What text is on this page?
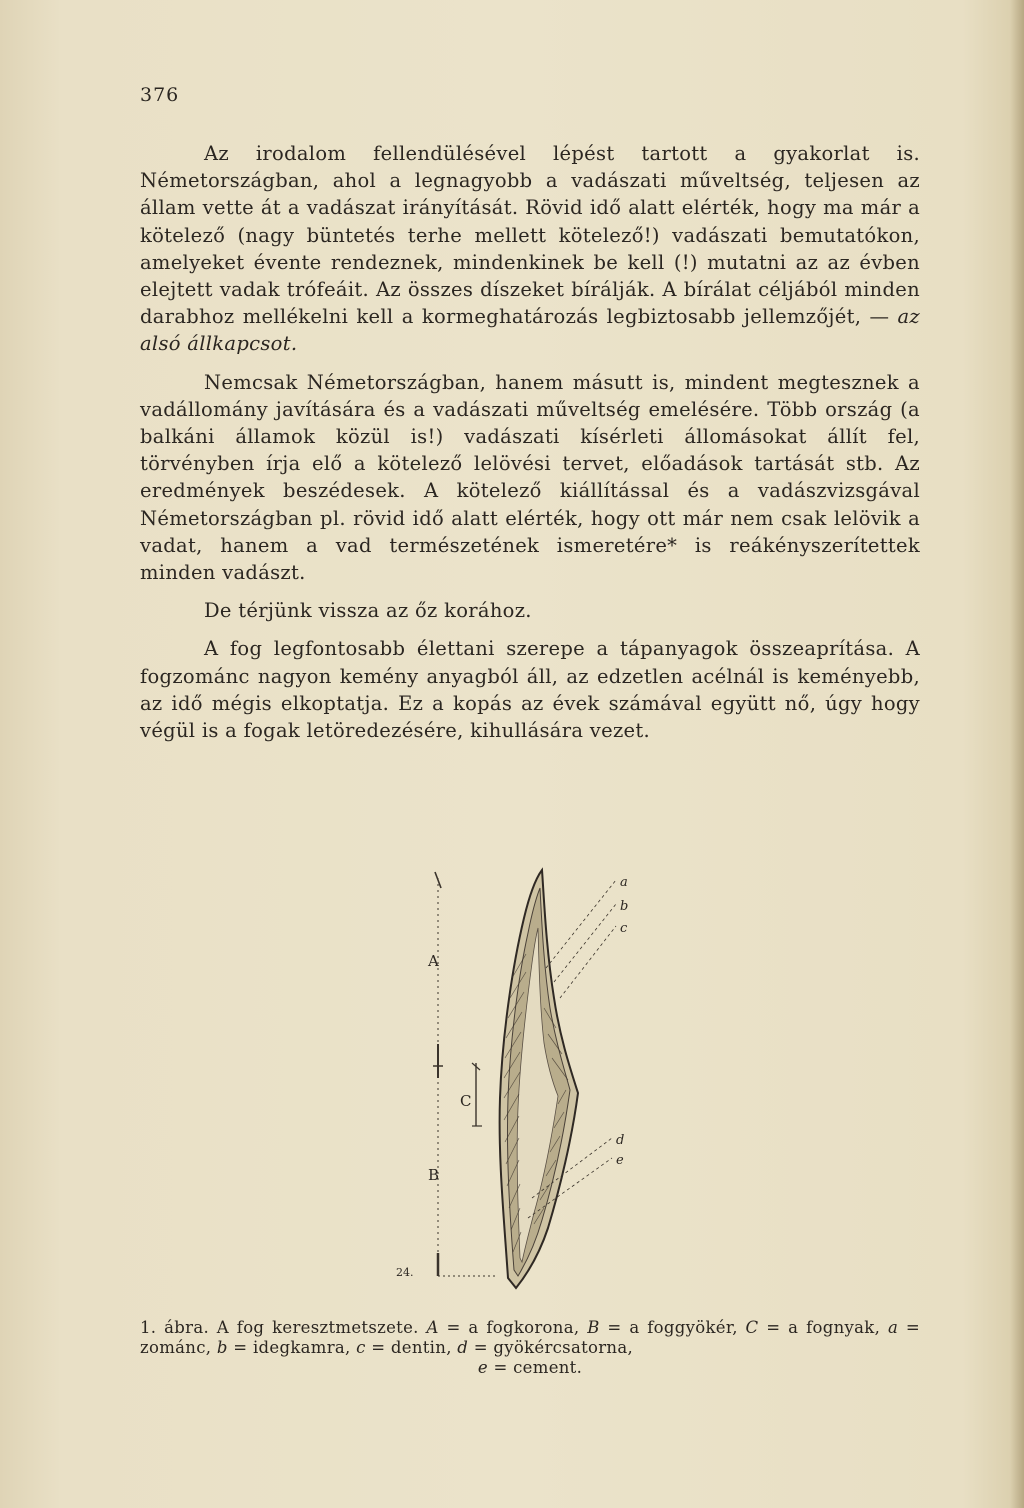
376

Az irodalom fellendülésével lépést tartott a gyakorlat is. Németországban, ahol a legnagyobb a vadászati műveltség, teljesen az állam vette át a vadászat irányítását. Rövid idő alatt elérték, hogy ma már a kötelező (nagy büntetés terhe mellett kötelező!) vadászati bemutatókon, amelyeket évente rendeznek, mindenkinek be kell (!) mutatni az az évben elejtett vadak trófeáit. Az összes díszeket bírálják. A bírálat céljából minden darabhoz mellékelni kell a kormeghatározás legbiztosabb jellemzőjét, — az alsó állkapcsot.

Nemcsak Németországban, hanem másutt is, mindent megtesznek a vadállomány javítására és a vadászati műveltség emelésére. Több ország (a balkáni államok közül is!) vadászati kísérleti állomásokat állít fel, törvényben írja elő a kötelező lelövési tervet, előadások tartását stb. Az eredmények beszédesek. A kötelező kiállítással és a vadászvizsgával Németországban pl. rövid idő alatt elérték, hogy ott már nem csak lelövik a vadat, hanem a vad természetének ismeretére* is reákényszerítettek minden vadászt.

De térjünk vissza az őz korához.

A fog legfontosabb élettani szerepe a tápanyagok összeaprítása. A fogzománc nagyon kemény anyagból áll, az edzetlen acélnál is keményebb, az idő mégis elkoptatja. Ez a kopás az évek számával együtt nő, úgy hogy végül is a fogak letöredezésére, kihullására vezet.

A
B
C
a
b
c
d
e
24.
1. ábra. A fog keresztmetszete. A = a fogkorona, B = a foggyökér, C = a fognyak, a = zománc, b = idegkamra, c = dentin, d = gyökércsatorna,
e = cement.
